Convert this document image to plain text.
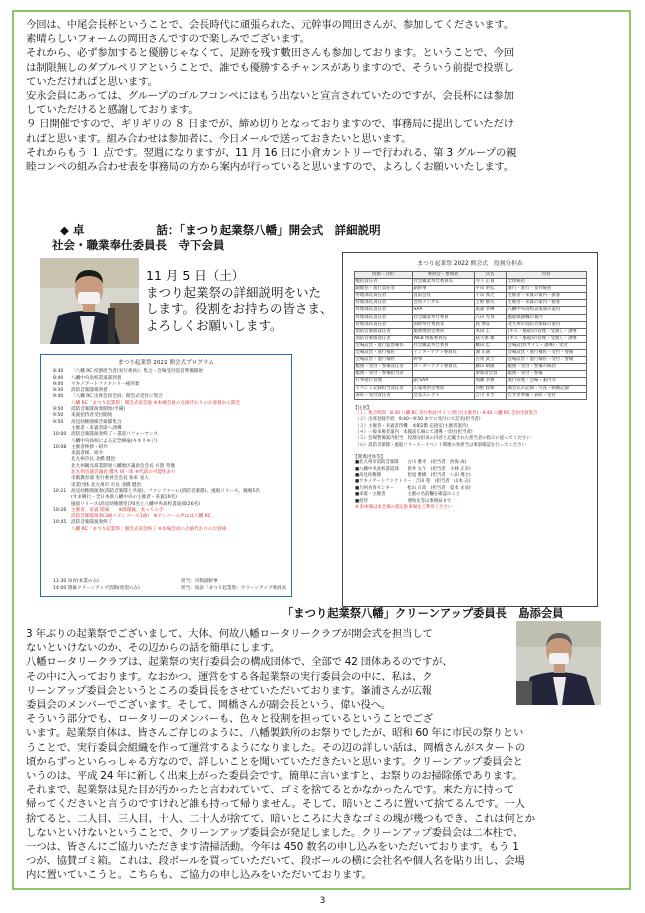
今回は、中尾会長杯ということで、会長時代に頑張られた、元幹事の岡田さんが、参加してくださいます。

素晴らしいフォームの岡田さんですので楽しみでございます。

それから、必ず参加すると優勝じゃなくて、足跡を残す數田さんも参加しております。ということで、今回

は制限無しのダブルペリアということで、誰でも優勝するチャンスがありますので、そういう前提で投票し

ていただければと思います。

安永会員にあっては、グループのゴルフコンペにはもう出ないと宣言されていたのですが、会長杯には参加

していただけると感謝しております。

９ 日開催ですので、ギリギリの ８ 日までが、締め切りとなっておりますので、事務局に提出していただけ

ればと思います。組み合わせは参加者に、今日メールで送っておきたいと思います。

それからもう １ 点です。翌週になりますが、11 月 16 日に小倉カントリーで行われる、第 3 グループの親

睦コンペの組み合わせ表を事務局の方から案内が行っていると思いますので、よろしくお願いいたします。

◆ 卓	話：「まつり起業祭八幡」開会式　詳細説明
社会・職業奉仕委員長　寺下会員
11 月 5 日（土）
まつり起業祭の詳細説明をいた
します。役割をお持ちの皆さま、
よろしくお願いします。
まつり起業祭 2022 開会式プログラム
8:30 「八幡 RC 役割担当者(実行委員)」集合・会場受付設営準備開始
8:40 八幡中央高校書道部到着
9:00 ウキノアートファクトリー様到着
9:30 消防音楽隊様到着
9:40 「八幡 RC 出席会員全員」開会式受付に集合
八幡 RC「まつり起業祭」開会式前会報 ※本場会員の点値代わりのお客様から開会
9:50 消防音楽隊演奏開始(予備)
9:50 来賓招待者受付開始
9:50 高見幼稚園様音楽隊集合
主催者・来賓者席へ誘導
10:00 消防音楽隊演奏終了・書道パフォーマンス
八幡中央高校による記念揮毫(キネリモジ)
10:08 主催者挨拶・紹介
来賓者様、紹介
北九州市長 北橋 健治
北九州観光商業開発八幡地区議員会会長 方賀 英幾
北九州市議会議長 鷹木 研一郎 ※代読の可能性あり
市販教育部 実行委員会会長 加来 晃人
実業団体 北九州市 市長 北橋 健治
10:21 高見幼稚園演奏(消防音楽隊と共演)、ファンファーレ(消防音楽隊)、風船リリース、鐘鳴5名
(すま眺行・全日本県八幡中央の主催者・来賓10名)
風船リリース(高見幼稚園児)70名と八幡中央高校書道部(26名)
10:26 主催者、来賓 閉場　　※降壇後、本っての手
消防音楽隊演奏(3曲＋アンコール1曲)　※アンコール声はは八幡 RC
10:45 消防音楽隊演奏終了
八幡 RC「まつり起業祭」開会式前会終了 ※本場会員の点値代わりのお客様
11:30 昼食(本業のみ)	担当：市制副幹事
14:00 閉幕クリーンアップ活動(希望のみ)	担当：島添「まつり起業祭」クリーンアップ委員長
まつり起業祭 2022 開会式　役割分担表
役割・分担	委員会・参加者	氏名	内容
総括責任者	社会職業奉仕委員長	寺下 正貴	全体統括
副総括・進行責任者	副幹事	平田 明弘	進行・進行・受付統括
管理部長責任者	直前会長	千田 義之	主催者・来賓の案内・接客
管理部長責任者	会員メンタル	上野 勝夫	主催者・来賓の案内・接客
管理部長責任者	SAA	尾浦 孝輝	八幡中央高校書道部の案内
管理部長責任者	社会職業奉仕委員	八田 光春	風船楽器機の案内
管理部長責任者	国際奉仕委員長	島 博彦	北九州市消防音楽隊の案内
消防音楽隊責任者	総務委員会委員	本田 圭	(キエ・風船)の管理・受渡し・誘導
消防音楽隊責任者	WEB 情報委員長	荻久保 雄	(キエ・風船)の管理・受渡し・誘導
会場設営・進行監督補佐	社会職業奉仕委員	藤田 忠	会場設営(サイン・誘導)・受付
会場設営・進行補佐	インターアクト委員長	溝 正通	会場設営・進行補佐・受付・警備
会場設営・進行補佐	幹事	古賀 武士	会場設営・進行補佐・受付・警備
総務・受付・警備責任者	ローターアクト委員長	藤田 晴敏	総務・受付・警備の統括
総務・受付・警備担当者		参加者全員	総務・受付・警備
行事進行管理	副 SAA	加藤 孝教	進行管理・会場・案内等
イベント記録担当責任者	広報委員会委員	河野 政和	開会式の記録・写真・動画記録
表彰・受付責任者	会長エレクト	吉川 まさ	たすき準備・表彰・受付
【注意】
（１）集合時間　8:30 八幡 RC 実行委員(サイン)集合(主催者)・9:40 八幡 RC 会員全員集合
（２）出席登録手続　9:40～9:50 までに受付にて記名(担当者)
（３）主催者・来賓者待機　本館2階 応接室(主催者案内)
（４）一般来場者案内　本館前広場にて誘導・受付(担当者)
（５）会場警備案内担当　役割分担表の内容と記載された担当者の指示に従ってください
（６）消防音楽隊・風船リリース・イベント関連の各担当は事前確認を行ってください
【関係団体等】
■北九州市消防音楽隊　　古川 雅幸　(担当者　西海 成)
■八幡中央高校書道部　　新井 太午　(担当者　小林 正幸)
■高見幼稚園　　　　　　松尾 雅樹　(担当者　八田 博之)
■ウキノアートファクトリー　吉田 聖　(担当者　山本 志)
■九州食育センター　　　松山 日高　(担当者　夏本 まゆ)
■来賓・主催者　　　　　主催の名前欄を確認のこと
■招待　　　　　　　　　連絡先等は事務局まで
※ 駐車場は本会場の指定駐車場をご利用ください
「まつり起業祭八幡」クリーンアップ委員長　島添会員

3 年ぶりの起業祭でございまして、大体、何故八幡ロータリークラブが開会式を担当して

ないといけないのか、その辺からの話を簡単にします。

八幡ロータリークラブは、起業祭の実行委員会の構成団体で、全部で 42 団体あるのですが、

その中に入っております。なおかつ、運営をする各起業祭の実行委員会の中に、私は、ク

リーンアップ委員会というところの委員長をさせていただいております。峯浦さんが広報

委員会のメンバーでございます。そして、岡橋さんが副会長という、偉い役へ。

そういう部分でも、ロータリーのメンバーも、色々と役割を担っているということでござ

います。起業祭自体は、皆さんご存じのように、八幡製鉄所のお祭りでしたが、昭和 60 年に市民の祭りとい

うことで、実行委員会組織を作って運営するようになりました。その辺の詳しい話は、岡橋さんがスタートの

頃からずっといらっしゃる方なので、詳しいことを聞いていただきたいと思います。クリーンアップ委員会と

いうのは、平成 24 年に新しく出来上がった委員会です。簡単に言いますと、お祭りのお掃除係であります。

それまで、起業祭は見た目が汚かったと言われていて、ゴミを捨てるとかなかったんです。来た方に持って

帰ってくださいと言うのですけれど誰も持って帰りません。そして、暗いところに置いて捨てるんです。一人

捨てると、二人目、三人目、十人、二十人が捨てて、暗いところに大きなゴミの塊が幾つもでき、これは何とか

しないといけないということで、クリーンアップ委員会が発足しました。クリーンアップ委員会は二本柱で、

一つは、皆さんにご協力いただきます清掃活動。今年は 450 数名の申し込みをいただいております。もう 1

つが、協賛ゴミ箱。これは、段ボールを買っていただいて、段ボールの横に会社名や個人名を貼り出し、会場

内に置いていこうと。こちらも、ご協力の申し込みをいただいております。

3
